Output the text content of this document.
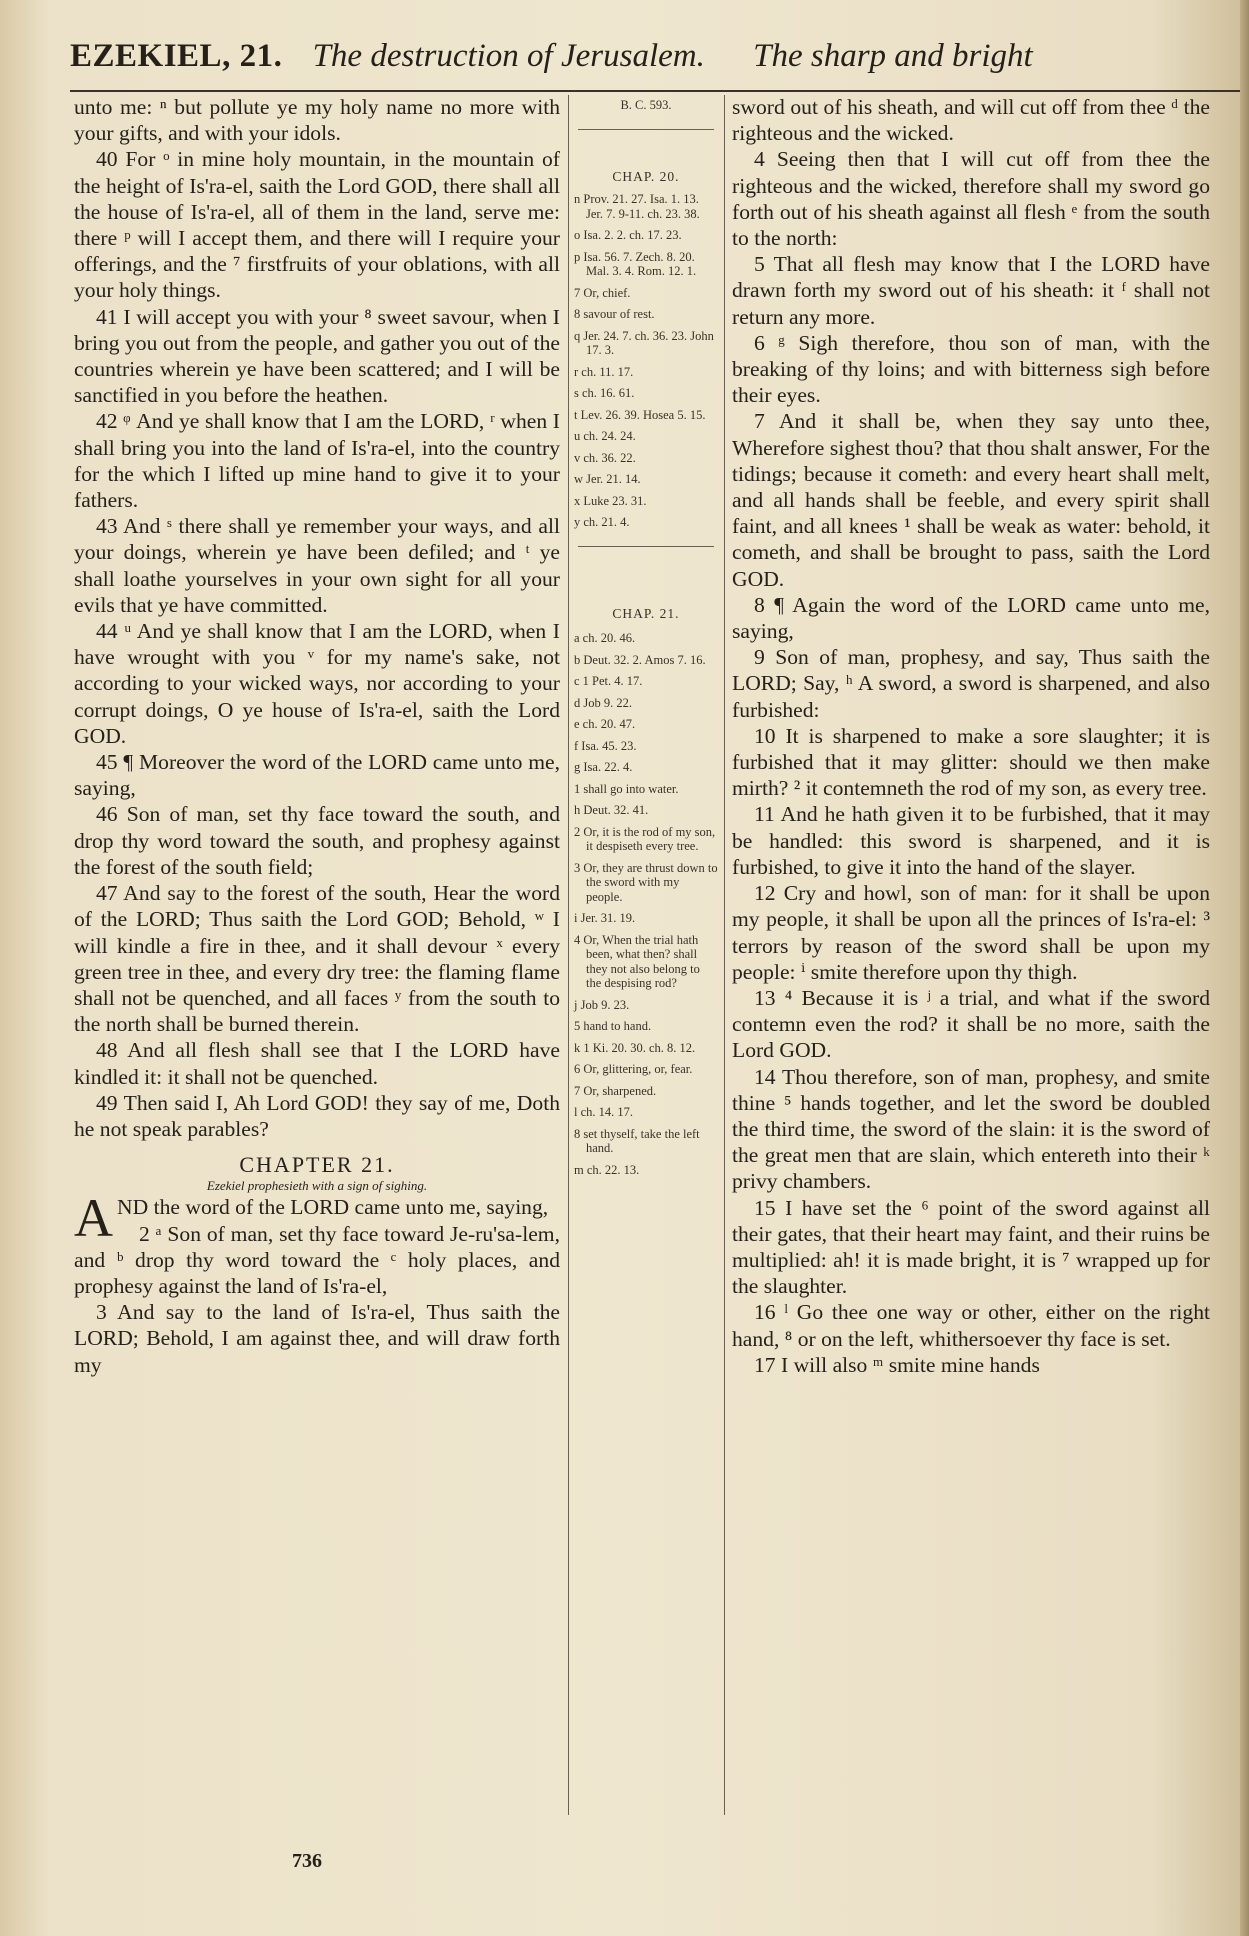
EZEKIEL, 21. The destruction of Jerusalem. The sharp and bright

unto me: ⁿ but pollute ye my holy name no more with your gifts, and with your idols.

40 For ᵒ in mine holy mountain, in the mountain of the height of Is'ra-el, saith the Lord GOD, there shall all the house of Is'ra-el, all of them in the land, serve me: there ᵖ will I accept them, and there will I require your offerings, and the ⁷ firstfruits of your oblations, with all your holy things.

41 I will accept you with your ⁸ sweet savour, when I bring you out from the people, and gather you out of the countries wherein ye have been scattered; and I will be sanctified in you before the heathen.

42 ᵠ And ye shall know that I am the LORD, ʳ when I shall bring you into the land of Is'ra-el, into the country for the which I lifted up mine hand to give it to your fathers.

43 And ˢ there shall ye remember your ways, and all your doings, wherein ye have been defiled; and ᵗ ye shall loathe yourselves in your own sight for all your evils that ye have committed.

44 ᵘ And ye shall know that I am the LORD, when I have wrought with you ᵛ for my name's sake, not according to your wicked ways, nor according to your corrupt doings, O ye house of Is'ra-el, saith the Lord GOD.

45 ¶ Moreover the word of the LORD came unto me, saying,

46 Son of man, set thy face toward the south, and drop thy word toward the south, and prophesy against the forest of the south field;

47 And say to the forest of the south, Hear the word of the LORD; Thus saith the Lord GOD; Behold, ʷ I will kindle a fire in thee, and it shall devour ˣ every green tree in thee, and every dry tree: the flaming flame shall not be quenched, and all faces ʸ from the south to the north shall be burned therein.

48 And all flesh shall see that I the LORD have kindled it: it shall not be quenched.

49 Then said I, Ah Lord GOD! they say of me, Doth he not speak parables?

CHAPTER 21.
Ezekiel prophesieth with a sign of sighing.

AND the word of the LORD came unto me, saying,

2 ᵃ Son of man, set thy face toward Je-ru'sa-lem, and ᵇ drop thy word toward the ᶜ holy places, and prophesy against the land of Is'ra-el,

3 And say to the land of Is'ra-el, Thus saith the LORD; Behold, I am against thee, and will draw forth my

B. C. 593.
CHAP. 20.
n Prov. 21. 27. Isa. 1. 13. Jer. 7. 9-11. ch. 23. 38.
o Isa. 2. 2. ch. 17. 23.
p Isa. 56. 7. Zech. 8. 20. Mal. 3. 4. Rom. 12. 1.
7 Or, chief.
8 savour of rest.
q Jer. 24. 7. ch. 36. 23. John 17. 3.
r ch. 11. 17.
s ch. 16. 61.
t Lev. 26. 39. Hosea 5. 15.
u ch. 24. 24.
v ch. 36. 22.
w Jer. 21. 14.
x Luke 23. 31.
y ch. 21. 4.
CHAP. 21.
a ch. 20. 46.
b Deut. 32. 2. Amos 7. 16.
c 1 Pet. 4. 17.
d Job 9. 22.
e ch. 20. 47.
f Isa. 45. 23.
g Isa. 22. 4.
1 shall go into water.
h Deut. 32. 41.
2 Or, it is the rod of my son, it despiseth every tree.
3 Or, they are thrust down to the sword with my people.
i Jer. 31. 19.
4 Or, When the trial hath been, what then? shall they not also belong to the despising rod?
j Job 9. 23.
5 hand to hand.
k 1 Ki. 20. 30. ch. 8. 12.
6 Or, glittering, or, fear.
7 Or, sharpened.
l ch. 14. 17.
8 set thyself, take the left hand.
m ch. 22. 13.

sword out of his sheath, and will cut off from thee ᵈ the righteous and the wicked.

4 Seeing then that I will cut off from thee the righteous and the wicked, therefore shall my sword go forth out of his sheath against all flesh ᵉ from the south to the north:

5 That all flesh may know that I the LORD have drawn forth my sword out of his sheath: it ᶠ shall not return any more.

6 ᵍ Sigh therefore, thou son of man, with the breaking of thy loins; and with bitterness sigh before their eyes.

7 And it shall be, when they say unto thee, Wherefore sighest thou? that thou shalt answer, For the tidings; because it cometh: and every heart shall melt, and all hands shall be feeble, and every spirit shall faint, and all knees ¹ shall be weak as water: behold, it cometh, and shall be brought to pass, saith the Lord GOD.

8 ¶ Again the word of the LORD came unto me, saying,

9 Son of man, prophesy, and say, Thus saith the LORD; Say, ʰ A sword, a sword is sharpened, and also furbished:

10 It is sharpened to make a sore slaughter; it is furbished that it may glitter: should we then make mirth? ² it contemneth the rod of my son, as every tree.

11 And he hath given it to be furbished, that it may be handled: this sword is sharpened, and it is furbished, to give it into the hand of the slayer.

12 Cry and howl, son of man: for it shall be upon my people, it shall be upon all the princes of Is'ra-el: ³ terrors by reason of the sword shall be upon my people: ⁱ smite therefore upon thy thigh.

13 ⁴ Because it is ʲ a trial, and what if the sword contemn even the rod? it shall be no more, saith the Lord GOD.

14 Thou therefore, son of man, prophesy, and smite thine ⁵ hands together, and let the sword be doubled the third time, the sword of the slain: it is the sword of the great men that are slain, which entereth into their ᵏ privy chambers.

15 I have set the ⁶ point of the sword against all their gates, that their heart may faint, and their ruins be multiplied: ah! it is made bright, it is ⁷ wrapped up for the slaughter.

16 ˡ Go thee one way or other, either on the right hand, ⁸ or on the left, whithersoever thy face is set.

17 I will also ᵐ smite mine hands

736
